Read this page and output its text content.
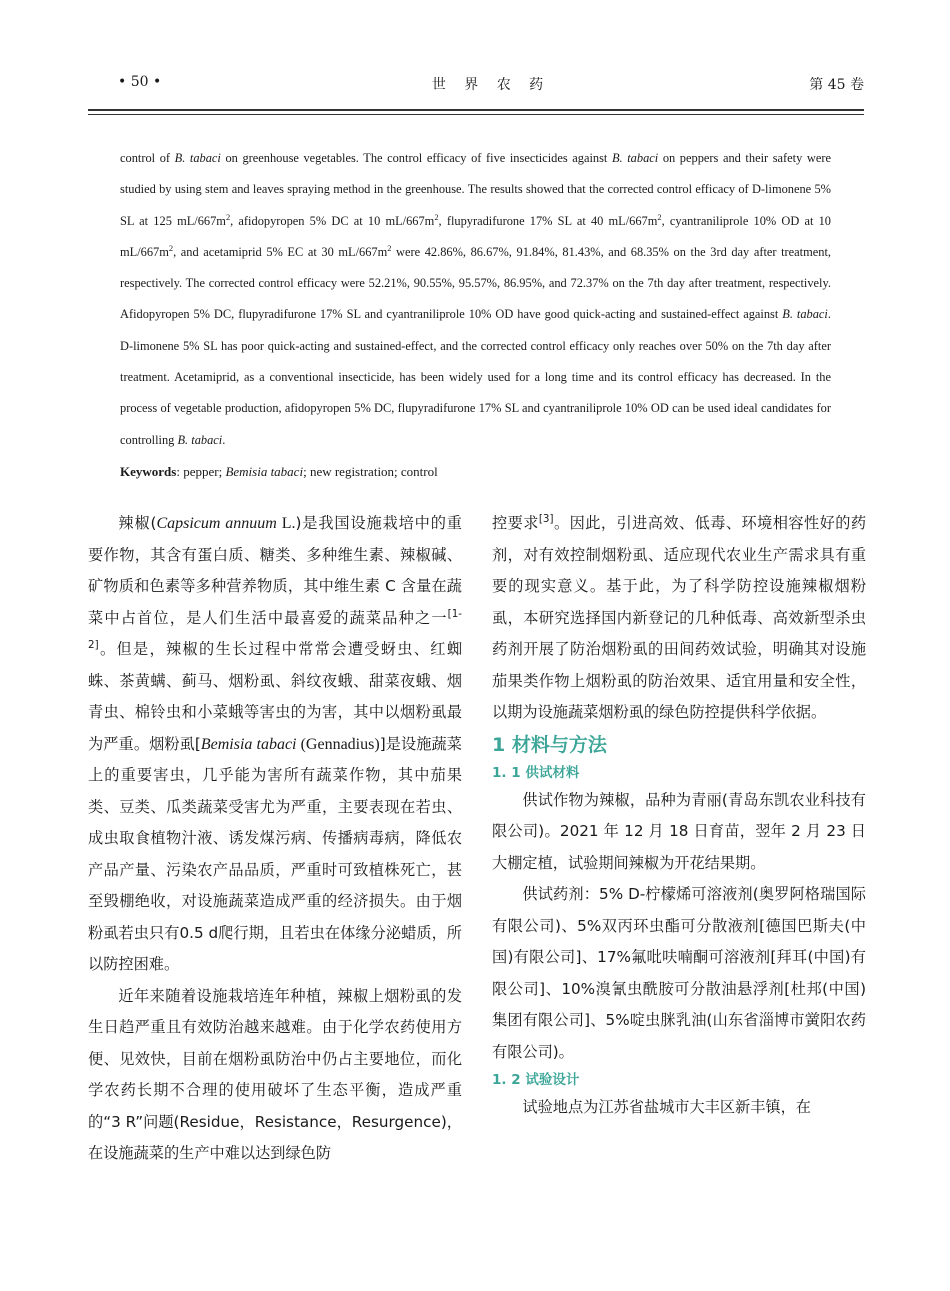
• 50 •	世 界 农 药	第 45 卷

control of B. tabaci on greenhouse vegetables. The control efficacy of five insecticides against B. tabaci on peppers and their safety were studied by using stem and leaves spraying method in the greenhouse. The results showed that the corrected control efficacy of D-limonene 5% SL at 125 $mL/667m^2$, afidopyropen 5% DC at 10 $mL/667m^2$, flupyradifurone 17% SL at 40 $mL/667m^2$, cyantraniliprole 10% OD at 10 $mL/667m^2$, and acetamiprid 5% EC at 30 $mL/667m^2$ were 42.86%, 86.67%, 91.84%, 81.43%, and 68.35% on the 3rd day after treatment, respectively. The corrected control efficacy were 52.21%, 90.55%, 95.57%, 86.95%, and 72.37% on the 7th day after treatment, respectively. Afidopyropen 5% DC, flupyradifurone 17% SL and cyantraniliprole 10% OD have good quick-acting and sustained-effect against B. tabaci. D-limonene 5% SL has poor quick-acting and sustained-effect, and the corrected control efficacy only reaches over 50% on the 7th day after treatment. Acetamiprid, as a conventional insecticide, has been widely used for a long time and its control efficacy has decreased. In the process of vegetable production, afidopyropen 5% DC, flupyradifurone 17% SL and cyantraniliprole 10% OD can be used ideal candidates for controlling B. tabaci.

Keywords: pepper; Bemisia tabaci; new registration; control

辣椒(Capsicum annuum L.)是我国设施栽培中的重要作物，其含有蛋白质、糖类、多种维生素、辣椒碱、矿物质和色素等多种营养物质，其中维生素 C 含量在蔬菜中占首位，是人们生活中最喜爱的蔬菜品种之一[1-2]。但是，辣椒的生长过程中常常会遭受蚜虫、红蜘蛛、茶黄螨、蓟马、烟粉虱、斜纹夜蛾、甜菜夜蛾、烟青虫、棉铃虫和小菜蛾等害虫的为害，其中以烟粉虱最为严重。烟粉虱[Bemisia tabaci (Gennadius)]是设施蔬菜上的重要害虫，几乎能为害所有蔬菜作物，其中茄果类、豆类、瓜类蔬菜受害尤为严重，主要表现在若虫、成虫取食植物汁液、诱发煤污病、传播病毒病，降低农产品产量、污染农产品品质，严重时可致植株死亡，甚至毁棚绝收，对设施蔬菜造成严重的经济损失。由于烟粉虱若虫只有0.5 d爬行期，且若虫在体缘分泌蜡质，所以防控困难。

近年来随着设施栽培连年种植，辣椒上烟粉虱的发生日趋严重且有效防治越来越难。由于化学农药使用方便、见效快，目前在烟粉虱防治中仍占主要地位，而化学农药长期不合理的使用破坏了生态平衡，造成严重的“3 R”问题(Residue，Resistance，Resurgence)，在设施蔬菜的生产中难以达到绿色防

控要求[3]。因此，引进高效、低毒、环境相容性好的药剂，对有效控制烟粉虱、适应现代农业生产需求具有重要的现实意义。基于此，为了科学防控设施辣椒烟粉虱，本研究选择国内新登记的几种低毒、高效新型杀虫药剂开展了防治烟粉虱的田间药效试验，明确其对设施茄果类作物上烟粉虱的防治效果、适宜用量和安全性，以期为设施蔬菜烟粉虱的绿色防控提供科学依据。

1 材料与方法

1. 1 供试材料

供试作物为辣椒，品种为青丽(青岛东凯农业科技有限公司)。2021 年 12 月 18 日育苗，翌年 2 月 23 日大棚定植，试验期间辣椒为开花结果期。

供试药剂：5% D-柠檬烯可溶液剂(奥罗阿格瑞国际有限公司)、5%双丙环虫酯可分散液剂[德国巴斯夫(中国)有限公司]、17%氟吡呋喃酮可溶液剂[拜耳(中国)有限公司]、10%溴氰虫酰胺可分散油悬浮剂[杜邦(中国)集团有限公司]、5%啶虫脒乳油(山东省淄博市黉阳农药有限公司)。

1. 2 试验设计

试验地点为江苏省盐城市大丰区新丰镇，在
